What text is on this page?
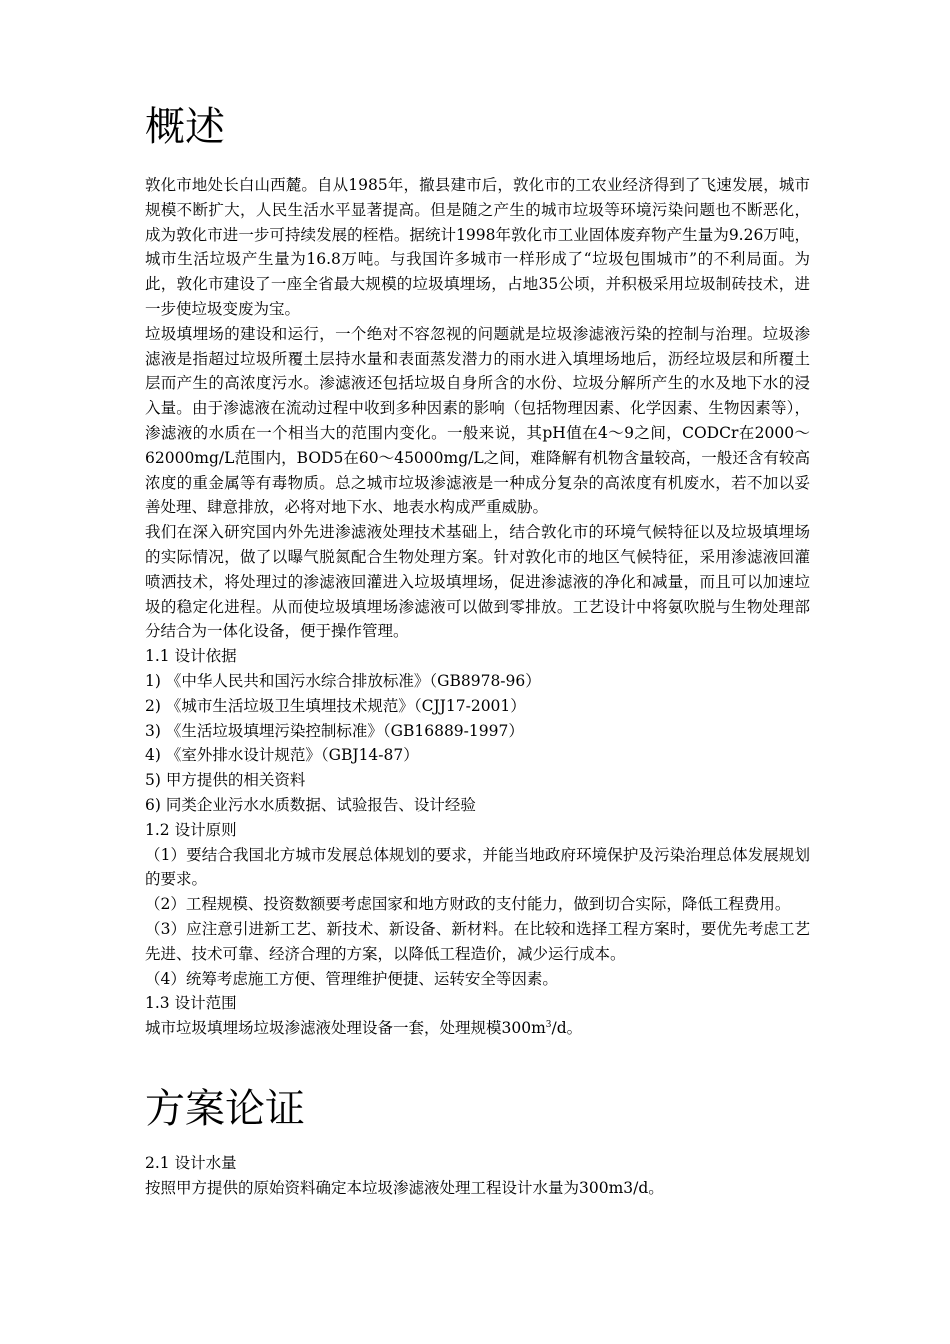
概述

敦化市地处长白山西麓。自从1985年，撤县建市后，敦化市的工农业经济得到了飞速发展，城市规模不断扩大，人民生活水平显著提高。但是随之产生的城市垃圾等环境污染问题也不断恶化，成为敦化市进一步可持续发展的桎梏。据统计1998年敦化市工业固体废弃物产生量为9.26万吨，城市生活垃圾产生量为16.8万吨。与我国许多城市一样形成了“垃圾包围城市”的不利局面。为此，敦化市建设了一座全省最大规模的垃圾填埋场，占地35公顷，并积极采用垃圾制砖技术，进一步使垃圾变废为宝。

垃圾填埋场的建设和运行，一个绝对不容忽视的问题就是垃圾渗滤液污染的控制与治理。垃圾渗滤液是指超过垃圾所覆土层持水量和表面蒸发潜力的雨水进入填埋场地后，沥经垃圾层和所覆土层而产生的高浓度污水。渗滤液还包括垃圾自身所含的水份、垃圾分解所产生的水及地下水的浸入量。由于渗滤液在流动过程中收到多种因素的影响（包括物理因素、化学因素、生物因素等），渗滤液的水质在一个相当大的范围内变化。一般来说，其pH值在4～9之间，CODCr在2000～62000mg/L范围内，BOD5在60～45000mg/L之间，难降解有机物含量较高，一般还含有较高浓度的重金属等有毒物质。总之城市垃圾渗滤液是一种成分复杂的高浓度有机废水，若不加以妥善处理、肆意排放，必将对地下水、地表水构成严重威胁。

我们在深入研究国内外先进渗滤液处理技术基础上，结合敦化市的环境气候特征以及垃圾填埋场的实际情况，做了以曝气脱氮配合生物处理方案。针对敦化市的地区气候特征，采用渗滤液回灌喷洒技术，将处理过的渗滤液回灌进入垃圾填埋场，促进渗滤液的净化和减量，而且可以加速垃圾的稳定化进程。从而使垃圾填埋场渗滤液可以做到零排放。工艺设计中将氨吹脱与生物处理部分结合为一体化设备，便于操作管理。

1.1 设计依据

1) 《中华人民共和国污水综合排放标准》（GB8978-96）

2) 《城市生活垃圾卫生填埋技术规范》（CJJ17-2001）

3) 《生活垃圾填埋污染控制标准》（GB16889-1997）

4) 《室外排水设计规范》（GBJ14-87）

5) 甲方提供的相关资料

6) 同类企业污水水质数据、试验报告、设计经验

1.2 设计原则

（1）要结合我国北方城市发展总体规划的要求，并能当地政府环境保护及污染治理总体发展规划的要求。

（2）工程规模、投资数额要考虑国家和地方财政的支付能力，做到切合实际，降低工程费用。

（3）应注意引进新工艺、新技术、新设备、新材料。在比较和选择工程方案时，要优先考虑工艺先进、技术可靠、经济合理的方案，以降低工程造价，减少运行成本。

（4）统筹考虑施工方便、管理维护便捷、运转安全等因素。

1.3 设计范围

城市垃圾填埋场垃圾渗滤液处理设备一套，处理规模$300m^3/d$。

方案论证

2.1 设计水量

按照甲方提供的原始资料确定本垃圾渗滤液处理工程设计水量为300m3/d。
